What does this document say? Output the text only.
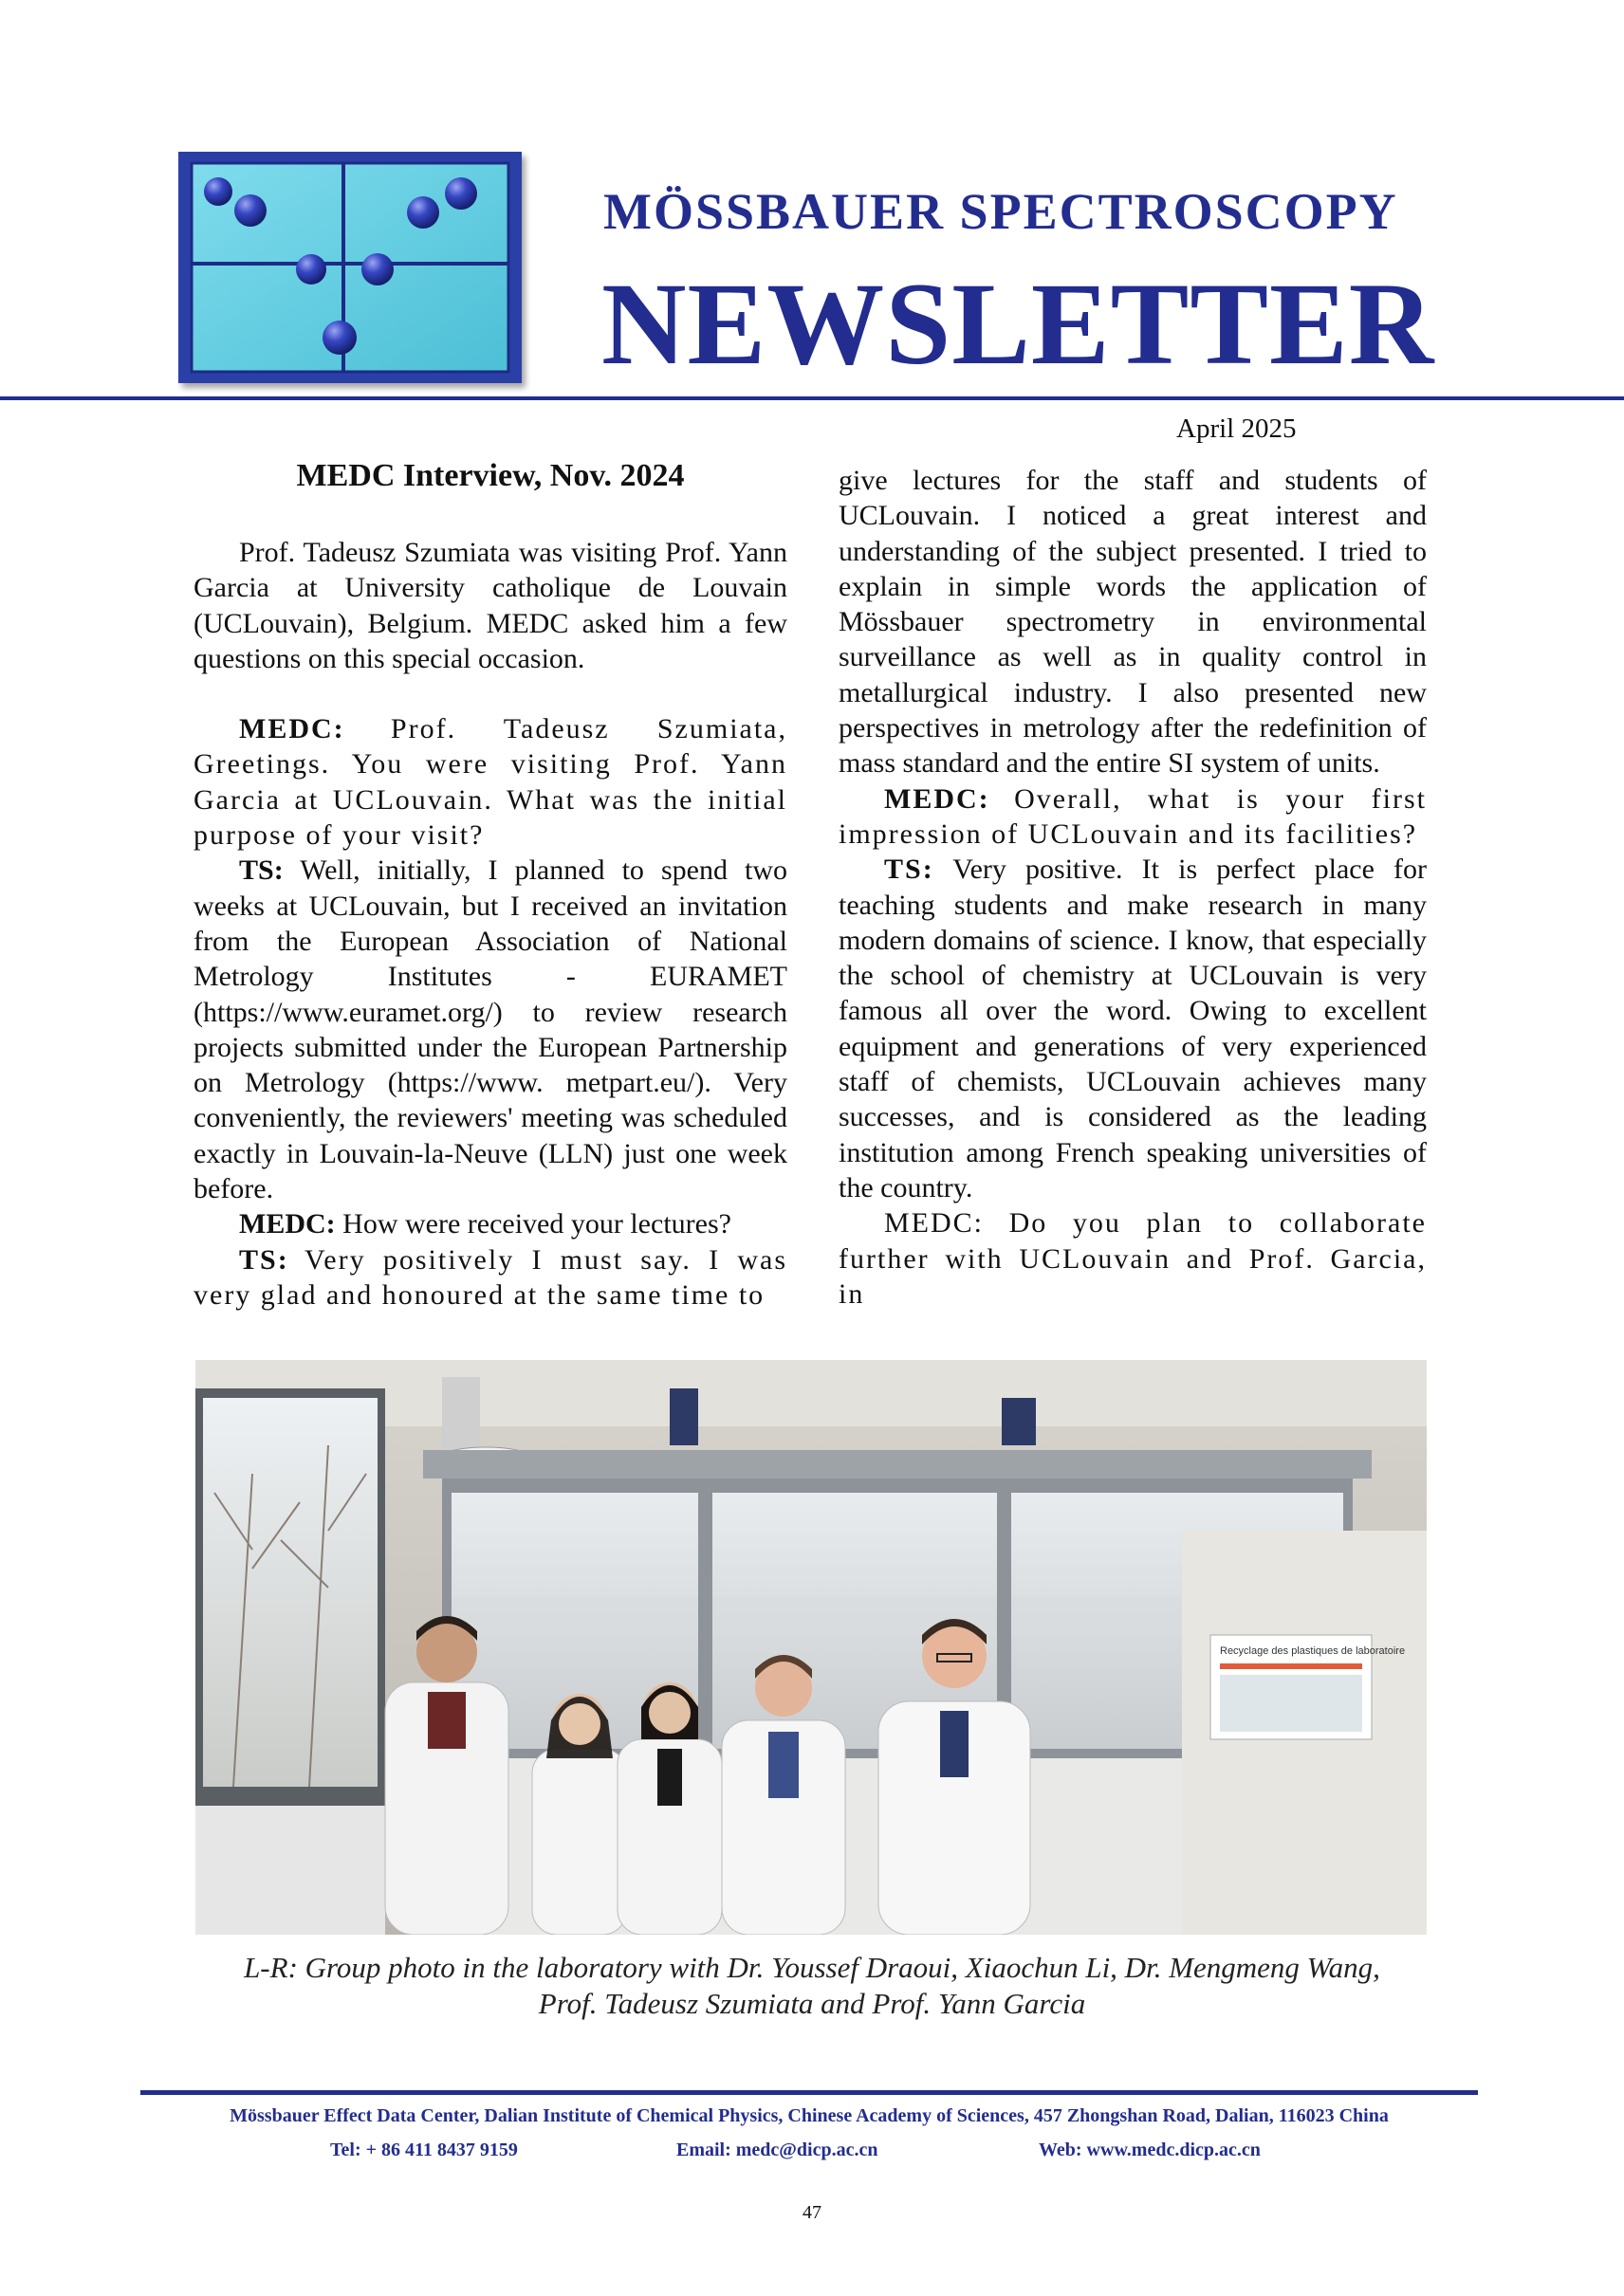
MÖSSBAUER SPECTROSCOPY
NEWSLETTER
April 2025
MEDC Interview, Nov. 2024

Prof. Tadeusz Szumiata was visiting Prof. Yann Garcia at University catholique de Louvain (UCLouvain), Belgium. MEDC asked him a few questions on this special occasion.

MEDC: Prof. Tadeusz Szumiata, Greetings. You were visiting Prof. Yann Garcia at UCLouvain. What was the initial purpose of your visit?

TS: Well, initially, I planned to spend two weeks at UCLouvain, but I received an invitation from the European Association of National Metrology Institutes - EURAMET (https://www.euramet.org/) to review research projects submitted under the European Partnership on Metrology (https://www. metpart.eu/). Very conveniently, the reviewers' meeting was scheduled exactly in Louvain-la-Neuve (LLN) just one week before.

MEDC: How were received your lectures?

TS: Very positively I must say. I was very glad and honoured at the same time to

give lectures for the staff and students of UCLouvain. I noticed a great interest and understanding of the subject presented. I tried to explain in simple words the application of Mössbauer spectrometry in environmental surveillance as well as in quality control in metallurgical industry. I also presented new perspectives in metrology after the redefinition of mass standard and the entire SI system of units.

MEDC: Overall, what is your first impression of UCLouvain and its facilities?

TS: Very positive. It is perfect place for teaching students and make research in many modern domains of science. I know, that especially the school of chemistry at UCLouvain is very famous all over the word. Owing to excellent equipment and generations of very experienced staff of chemists, UCLouvain achieves many successes, and is considered as the leading institution among French speaking universities of the country.

MEDC: Do you plan to collaborate further with UCLouvain and Prof. Garcia, in

Recyclage des plastiques de laboratoire
L-R: Group photo in the laboratory with Dr. Youssef Draoui, Xiaochun Li, Dr. Mengmeng Wang,
Prof. Tadeusz Szumiata and Prof. Yann Garcia
Mössbauer Effect Data Center, Dalian Institute of Chemical Physics, Chinese Academy of Sciences, 457 Zhongshan Road, Dalian, 116023 China
Tel: + 86 411 8437 9159	Email: medc@dicp.ac.cn	Web: www.medc.dicp.ac.cn
47
